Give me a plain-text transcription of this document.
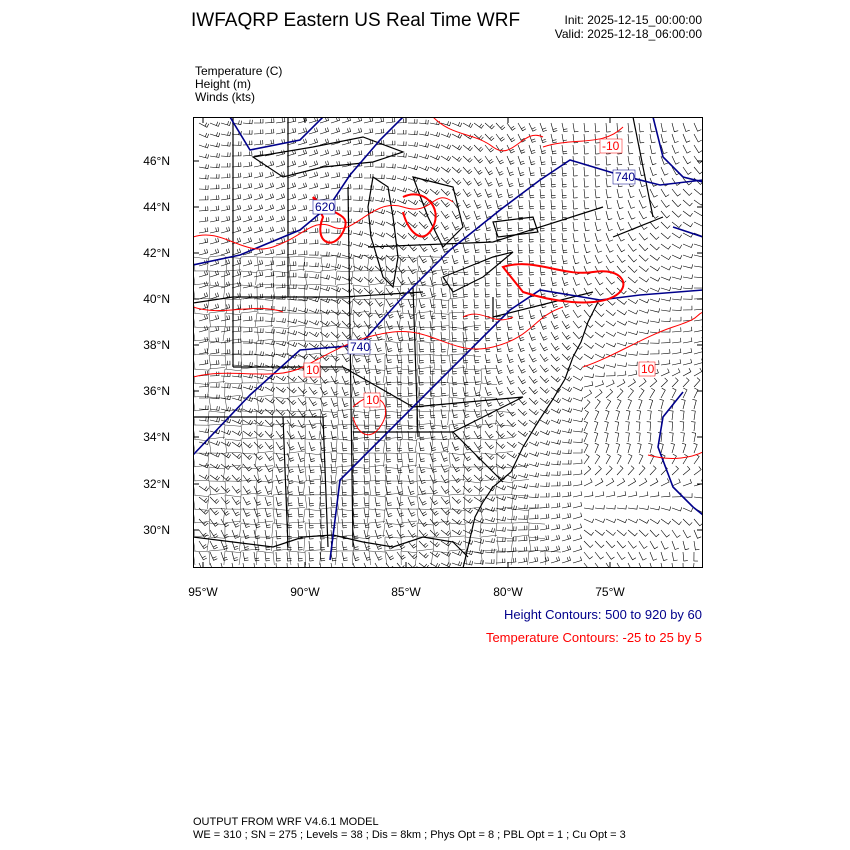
IWFAQRP Eastern US Real Time WRF	Init: 2025-12-15_00:00:00
Valid: 2025-12-18_06:00:00
Temperature (C)
Height (m)
Winds (kts)
620
740
740
-10
10
10
10
46°N
44°N
42°N
40°N
38°N
36°N
34°N
32°N
30°N
95°W	90°W	85°W	80°W	75°W
Height Contours: 500 to 920 by 60
Temperature Contours: -25 to 25 by 5
OUTPUT FROM WRF V4.6.1 MODEL
WE = 310 ; SN = 275 ; Levels = 38 ; Dis = 8km ; Phys Opt = 8 ; PBL Opt = 1 ; Cu Opt = 3
